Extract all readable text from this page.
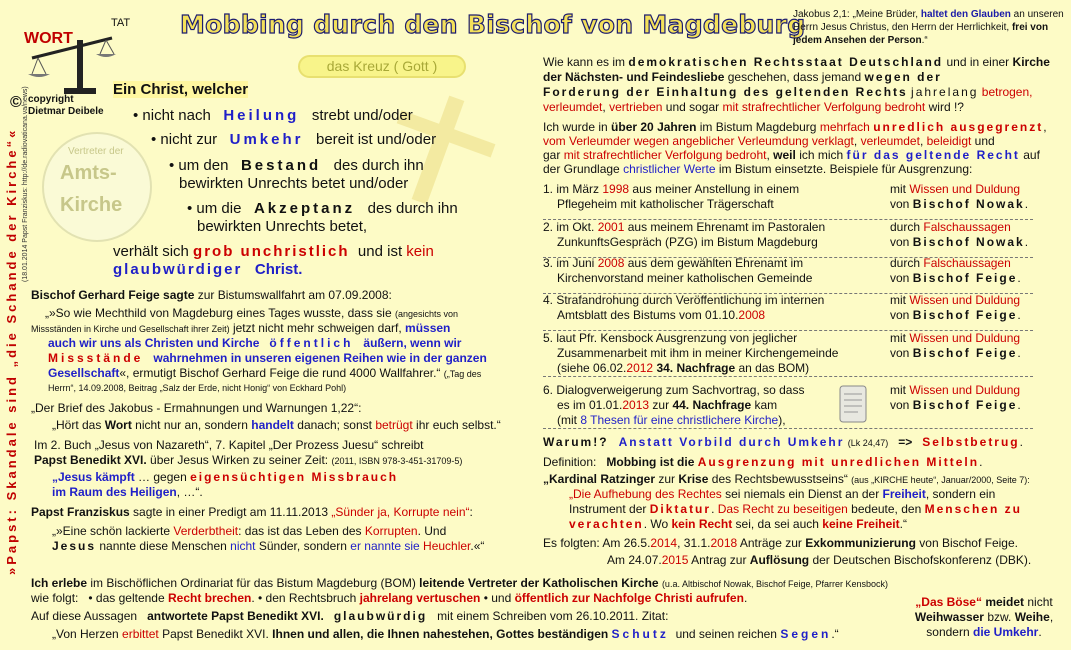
WORT
TAT
© copyright
Dietmar Deibele
Mobbing durch den Bischof von Magdeburg
das Kreuz ( Gott )
Vertreter der
Amts-
Kirche
Jakobus 2,1: „Meine Brüder, haltet den Glauben an unseren Herrn Jesus Christus, den Herrn der Herrlichkeit, frei von jedem Ansehen der Person.“
»Papst: Skandale sind „die Schande der Kirche“« (18.01.2014 Papst Franziskus: http://de.radiovaticana.va/news)	Ein Christ, welcher
• nicht nach Heilung strebt und/oder
• nicht zur Umkehr bereit ist und/oder
• um den Bestand des durch ihn
bewirkten Unrechts betet und/oder
• um die Akzeptanz des durch ihn
bewirkten Unrechts betet,
verhält sich grob unchristlich und ist kein
glaubwürdiger Christ.
Bischof Gerhard Feige sagte zur Bistumswallfahrt am 07.09.2008:
„»So wie Mechthild von Magdeburg eines Tages wusste, dass sie (angesichts von
Missständen in Kirche und Gesellschaft ihrer Zeit) jetzt nicht mehr schweigen darf, müssen
auch wir uns als Christen und Kirche öffentlich äußern, wenn wir
Missstände wahrnehmen in unseren eigenen Reihen wie in der ganzen
Gesellschaft«, ermutigt Bischof Gerhard Feige die rund 4000 Wallfahrer.“ („Tag des
Herrn“, 14.09.2008, Beitrag „Salz der Erde, nicht Honig“ von Eckhard Pohl)
„Der Brief des Jakobus - Ermahnungen und Warnungen 1,22“:
„Hört das Wort nicht nur an, sondern handelt danach; sonst betrügt ihr euch selbst.“
Im 2. Buch „Jesus von Nazareth“, 7. Kapitel „Der Prozess Juesu“ schreibt
Papst Benedikt XVI. über Jesus Wirken zu seiner Zeit: (2011, ISBN 978-3-451-31709-5)
„Jesus kämpft … gegen eigensüchtigen Missbrauch
im Raum des Heiligen, …“.
Papst Franziskus sagte in einer Predigt am 11.11.2013 „Sünder ja, Korrupte nein“:
„»Eine schön lackierte Verderbtheit: das ist das Leben des Korrupten. Und
Jesus nannte diese Menschen nicht Sünder, sondern er nannte sie Heuchler.«“
Wie kann es im demokratischen Rechtsstaat Deutschland und in einer Kirche
der Nächsten- und Feindesliebe geschehen, dass jemand wegen der
Forderung der Einhaltung des geltenden Rechts jahrelang betrogen,
verleumdet, vertrieben und sogar mit strafrechtlicher Verfolgung bedroht wird !?
Ich wurde in über 20 Jahren im Bistum Magdeburg mehrfach unredlich ausgegrenzt,
vom Verleumder wegen angeblicher Verleumdung verklagt, verleumdet, beleidigt und
gar mit strafrechtlicher Verfolgung bedroht, weil ich mich für das geltende Recht auf
der Grundlage christlicher Werte im Bistum einsetzte. Beispiele für Ausgrenzung:
1. im März 1998 aus meiner Anstellung in einem
Pflegeheim mit katholischer Trägerschaft
mit Wissen und Duldung
von Bischof Nowak.
2. im Okt. 2001 aus meinem Ehrenamt im Pastoralen
ZunkunftsGespräch (PZG) im Bistum Magdeburg
durch Falschaussagen
von Bischof Nowak.
3. im Juni 2008 aus dem gewählten Ehrenamt im
Kirchenvorstand meiner katholischen Gemeinde
durch Falschaussagen
von Bischof Feige.
4. Strafandrohung durch Veröffentlichung im internen
Amtsblatt des Bistums vom 01.10.2008
mit Wissen und Duldung
von Bischof Feige.
5. laut Pfr. Kensbock Ausgrenzung von jeglicher
Zusammenarbeit mit ihm in meiner Kirchengemeinde
(siehe 06.02.2012 34. Nachfrage an das BOM)
mit Wissen und Duldung
von Bischof Feige.
6. Dialogverweigerung zum Sachvortrag, so dass
es im 01.01.2013 zur 44. Nachfrage kam
(mit 8 Thesen für eine christlichere Kirche),
mit Wissen und Duldung
von Bischof Feige.
Warum!? Anstatt Vorbild durch Umkehr (Lk 24,47) => Selbstbetrug.
Definition: Mobbing ist die Ausgrenzung mit unredlichen Mitteln.
„Kardinal Ratzinger zur Krise des Rechtsbewusstseins“ (aus „KIRCHE heute“, Januar/2000, Seite 7):
„Die Aufhebung des Rechtes sei niemals ein Dienst an der Freiheit, sondern ein
Instrument der Diktatur. Das Recht zu beseitigen bedeute, den Menschen zu
verachten. Wo kein Recht sei, da sei auch keine Freiheit.“
Es folgten: Am 26.5.2014, 31.1.2018 Anträge zur Exkommunizierung von Bischof Feige.
Am 24.07.2015 Antrag zur Auflösung der Deutschen Bischofskonferenz (DBK).
Ich erlebe im Bischöflichen Ordinariat für das Bistum Magdeburg (BOM) leitende Vertreter der Katholischen Kirche (u.a. Altbischof Nowak, Bischof Feige, Pfarrer Kensbock)
wie folgt: • das geltende Recht brechen. • den Rechtsbruch jahrelang vertuschen • und öffentlich zur Nachfolge Christi aufrufen.
Auf diese Aussagen antwortete Papst Benedikt XVI. glaubwürdig mit einem Schreiben vom 26.10.2011. Zitat:
„Von Herzen erbittet Papst Benedikt XVI. Ihnen und allen, die Ihnen nahestehen, Gottes beständigen Schutz und seinen reichen Segen.“
„Das Böse“ meidet nicht
Weihwasser bzw. Weihe,
sondern die Umkehr.
